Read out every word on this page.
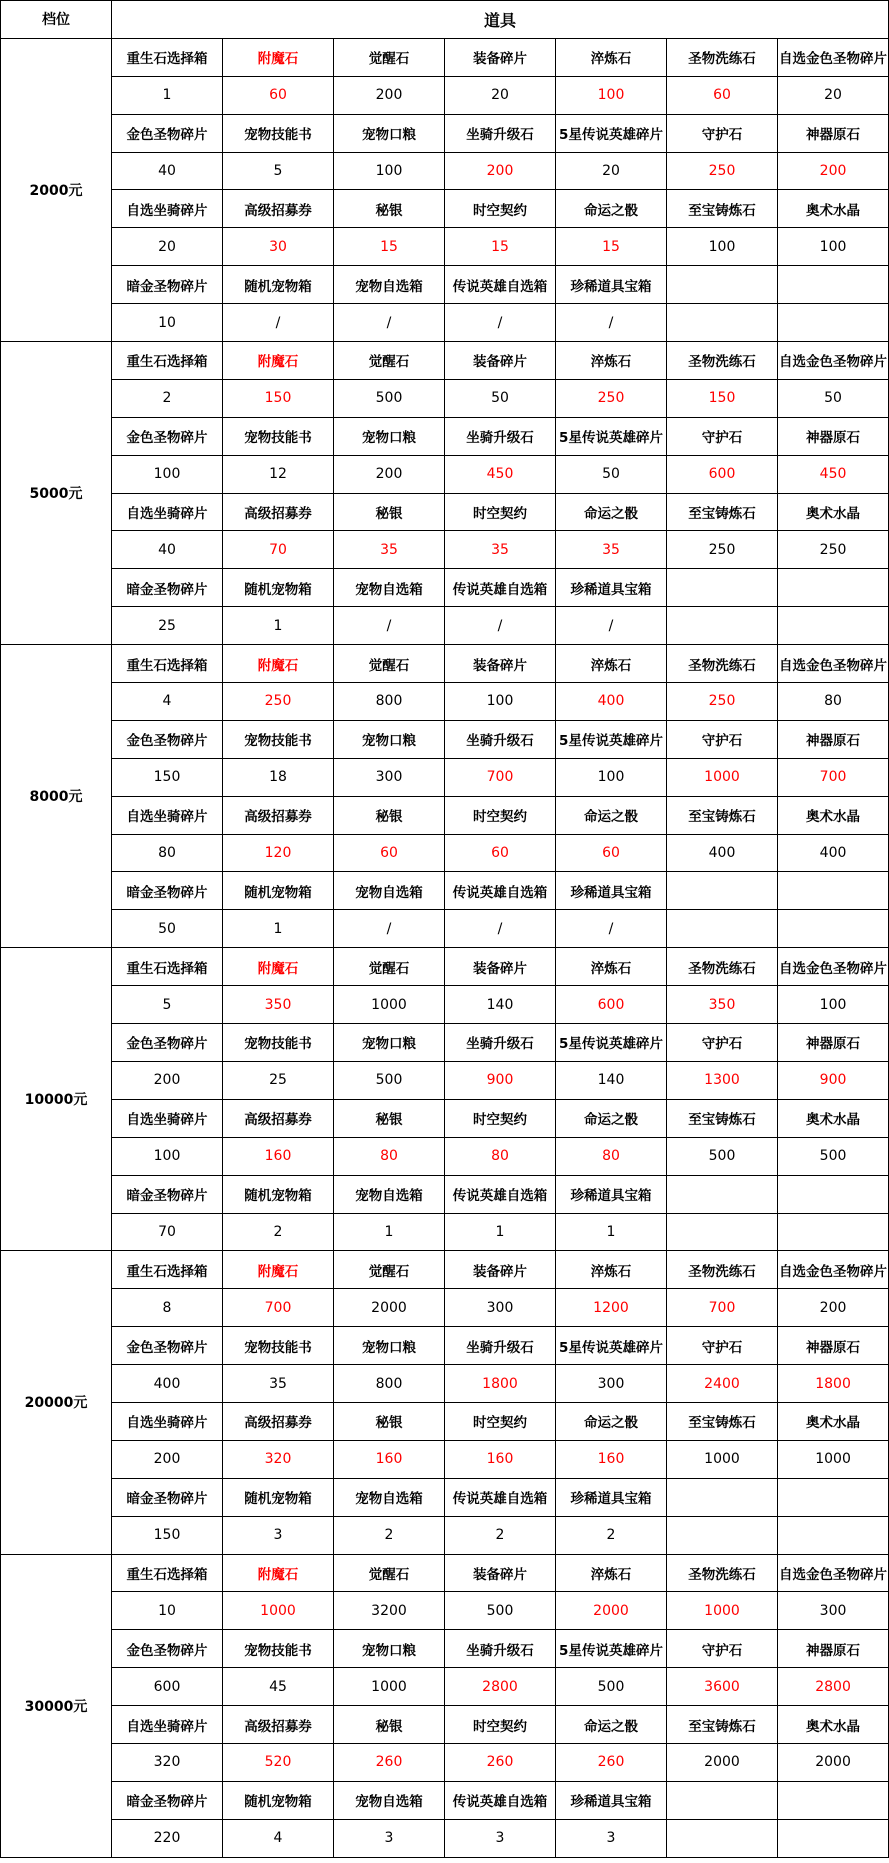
档位	道具						
2000元	重生石选择箱	附魔石	觉醒石	装备碎片	淬炼石	圣物洗练石	自选金色圣物碎片
	1	60	200	20	100	60	20
	金色圣物碎片	宠物技能书	宠物口粮	坐骑升级石	5星传说英雄碎片	守护石	神器原石
	40	5	100	200	20	250	200
	自选坐骑碎片	高级招募券	秘银	时空契约	命运之骰	至宝铸炼石	奥术水晶
	20	30	15	15	15	100	100
	暗金圣物碎片	随机宠物箱	宠物自选箱	传说英雄自选箱	珍稀道具宝箱		
	10	/	/	/	/		
5000元	重生石选择箱	附魔石	觉醒石	装备碎片	淬炼石	圣物洗练石	自选金色圣物碎片
	2	150	500	50	250	150	50
	金色圣物碎片	宠物技能书	宠物口粮	坐骑升级石	5星传说英雄碎片	守护石	神器原石
	100	12	200	450	50	600	450
	自选坐骑碎片	高级招募券	秘银	时空契约	命运之骰	至宝铸炼石	奥术水晶
	40	70	35	35	35	250	250
	暗金圣物碎片	随机宠物箱	宠物自选箱	传说英雄自选箱	珍稀道具宝箱		
	25	1	/	/	/		
8000元	重生石选择箱	附魔石	觉醒石	装备碎片	淬炼石	圣物洗练石	自选金色圣物碎片
	4	250	800	100	400	250	80
	金色圣物碎片	宠物技能书	宠物口粮	坐骑升级石	5星传说英雄碎片	守护石	神器原石
	150	18	300	700	100	1000	700
	自选坐骑碎片	高级招募券	秘银	时空契约	命运之骰	至宝铸炼石	奥术水晶
	80	120	60	60	60	400	400
	暗金圣物碎片	随机宠物箱	宠物自选箱	传说英雄自选箱	珍稀道具宝箱		
	50	1	/	/	/		
10000元	重生石选择箱	附魔石	觉醒石	装备碎片	淬炼石	圣物洗练石	自选金色圣物碎片
	5	350	1000	140	600	350	100
	金色圣物碎片	宠物技能书	宠物口粮	坐骑升级石	5星传说英雄碎片	守护石	神器原石
	200	25	500	900	140	1300	900
	自选坐骑碎片	高级招募券	秘银	时空契约	命运之骰	至宝铸炼石	奥术水晶
	100	160	80	80	80	500	500
	暗金圣物碎片	随机宠物箱	宠物自选箱	传说英雄自选箱	珍稀道具宝箱		
	70	2	1	1	1		
20000元	重生石选择箱	附魔石	觉醒石	装备碎片	淬炼石	圣物洗练石	自选金色圣物碎片
	8	700	2000	300	1200	700	200
	金色圣物碎片	宠物技能书	宠物口粮	坐骑升级石	5星传说英雄碎片	守护石	神器原石
	400	35	800	1800	300	2400	1800
	自选坐骑碎片	高级招募券	秘银	时空契约	命运之骰	至宝铸炼石	奥术水晶
	200	320	160	160	160	1000	1000
	暗金圣物碎片	随机宠物箱	宠物自选箱	传说英雄自选箱	珍稀道具宝箱		
	150	3	2	2	2		
30000元	重生石选择箱	附魔石	觉醒石	装备碎片	淬炼石	圣物洗练石	自选金色圣物碎片
	10	1000	3200	500	2000	1000	300
	金色圣物碎片	宠物技能书	宠物口粮	坐骑升级石	5星传说英雄碎片	守护石	神器原石
	600	45	1000	2800	500	3600	2800
	自选坐骑碎片	高级招募券	秘银	时空契约	命运之骰	至宝铸炼石	奥术水晶
	320	520	260	260	260	2000	2000
	暗金圣物碎片	随机宠物箱	宠物自选箱	传说英雄自选箱	珍稀道具宝箱		
	220	4	3	3	3		
